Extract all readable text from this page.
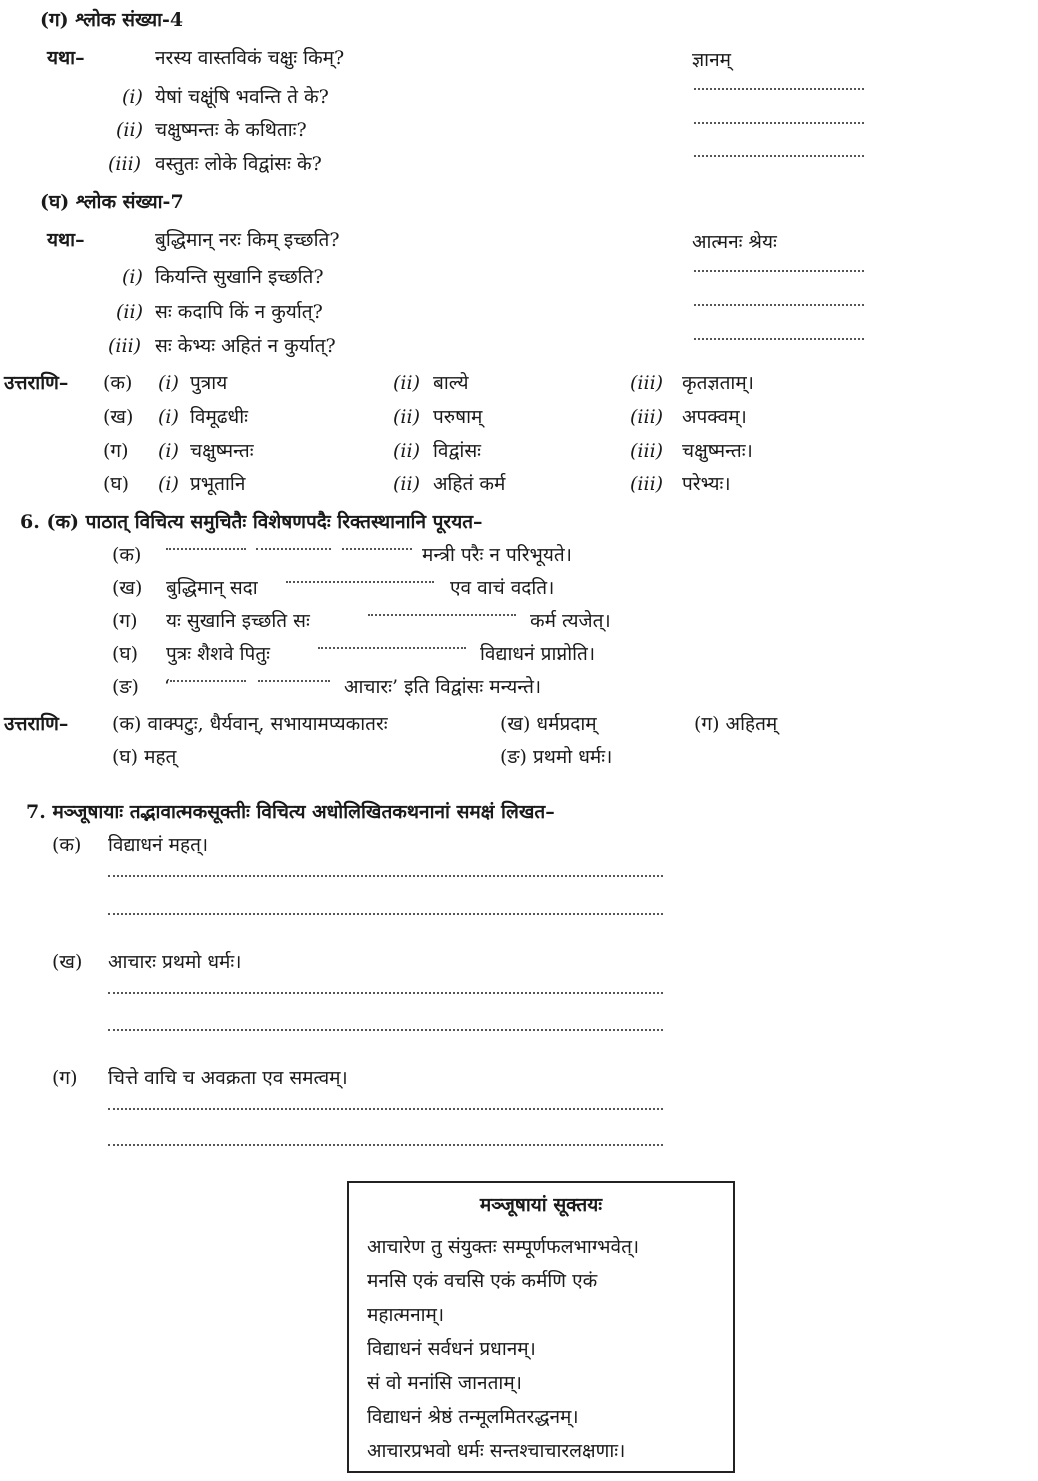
(ग) श्लोक संख्या-4
यथा–	नरस्य वास्तविकं चक्षुः किम्?	ज्ञानम्
(i) येषां चक्षूंषि भवन्ति ते के?
(ii) चक्षुष्मन्तः के कथिताः?
(iii) वस्तुतः लोके विद्वांसः के?
(घ) श्लोक संख्या-7
यथा–	बुद्धिमान् नरः किम् इच्छति?	आत्मनः श्रेयः
(i) कियन्ति सुखानि इच्छति?
(ii) सः कदापि किं न कुर्यात्?
(iii) सः केभ्यः अहितं न कुर्यात्?
उत्तराणि– (क) (i) पुत्राय	(ii) बाल्ये	(iii) कृतज्ञताम्।
(ख) (i) विमूढधीः	(ii) परुषाम्	(iii) अपक्वम्।
(ग) (i) चक्षुष्मन्तः	(ii) विद्वांसः	(iii) चक्षुष्मन्तः।
(घ) (i) प्रभूतानि	(ii) अहितं कर्म	(iii) परेभ्यः।
6. (क) पाठात् विचित्य समुचितैः विशेषणपदैः रिक्तस्थानानि पूरयत–
(क)	मन्त्री परैः न परिभूयते।
(ख) बुद्धिमान् सदा	एव वाचं वदति।
(ग) यः सुखानि इच्छति सः	कर्म त्यजेत्।
(घ) पुत्रः शैशवे पितुः	विद्याधनं प्राप्नोति।
(ङ) ‘	आचारः’ इति विद्वांसः मन्यन्ते।
उत्तराणि– (क) वाक्पटुः, धैर्यवान्, सभायामप्यकातरः	(ख) धर्मप्रदाम्	(ग) अहितम्
(घ) महत्	(ङ) प्रथमो धर्मः।
7. मञ्जूषायाः तद्भावात्मकसूक्तीः विचित्य अधोलिखितकथनानां समक्षं लिखत–
(क) विद्याधनं महत्।
(ख) आचारः प्रथमो धर्मः।
(ग) चित्ते वाचि च अवक्रता एव समत्वम्।
मञ्जूषायां सूक्तयः
आचारेण तु संयुक्तः सम्पूर्णफलभाग्भवेत्।
मनसि एकं वचसि एकं कर्मणि एकं
महात्मनाम्।
विद्याधनं सर्वधनं प्रधानम्।
सं वो मनांसि जानताम्।
विद्याधनं श्रेष्ठं तन्मूलमितरद्धनम्।
आचारप्रभवो धर्मः सन्तश्चाचारलक्षणाः।
